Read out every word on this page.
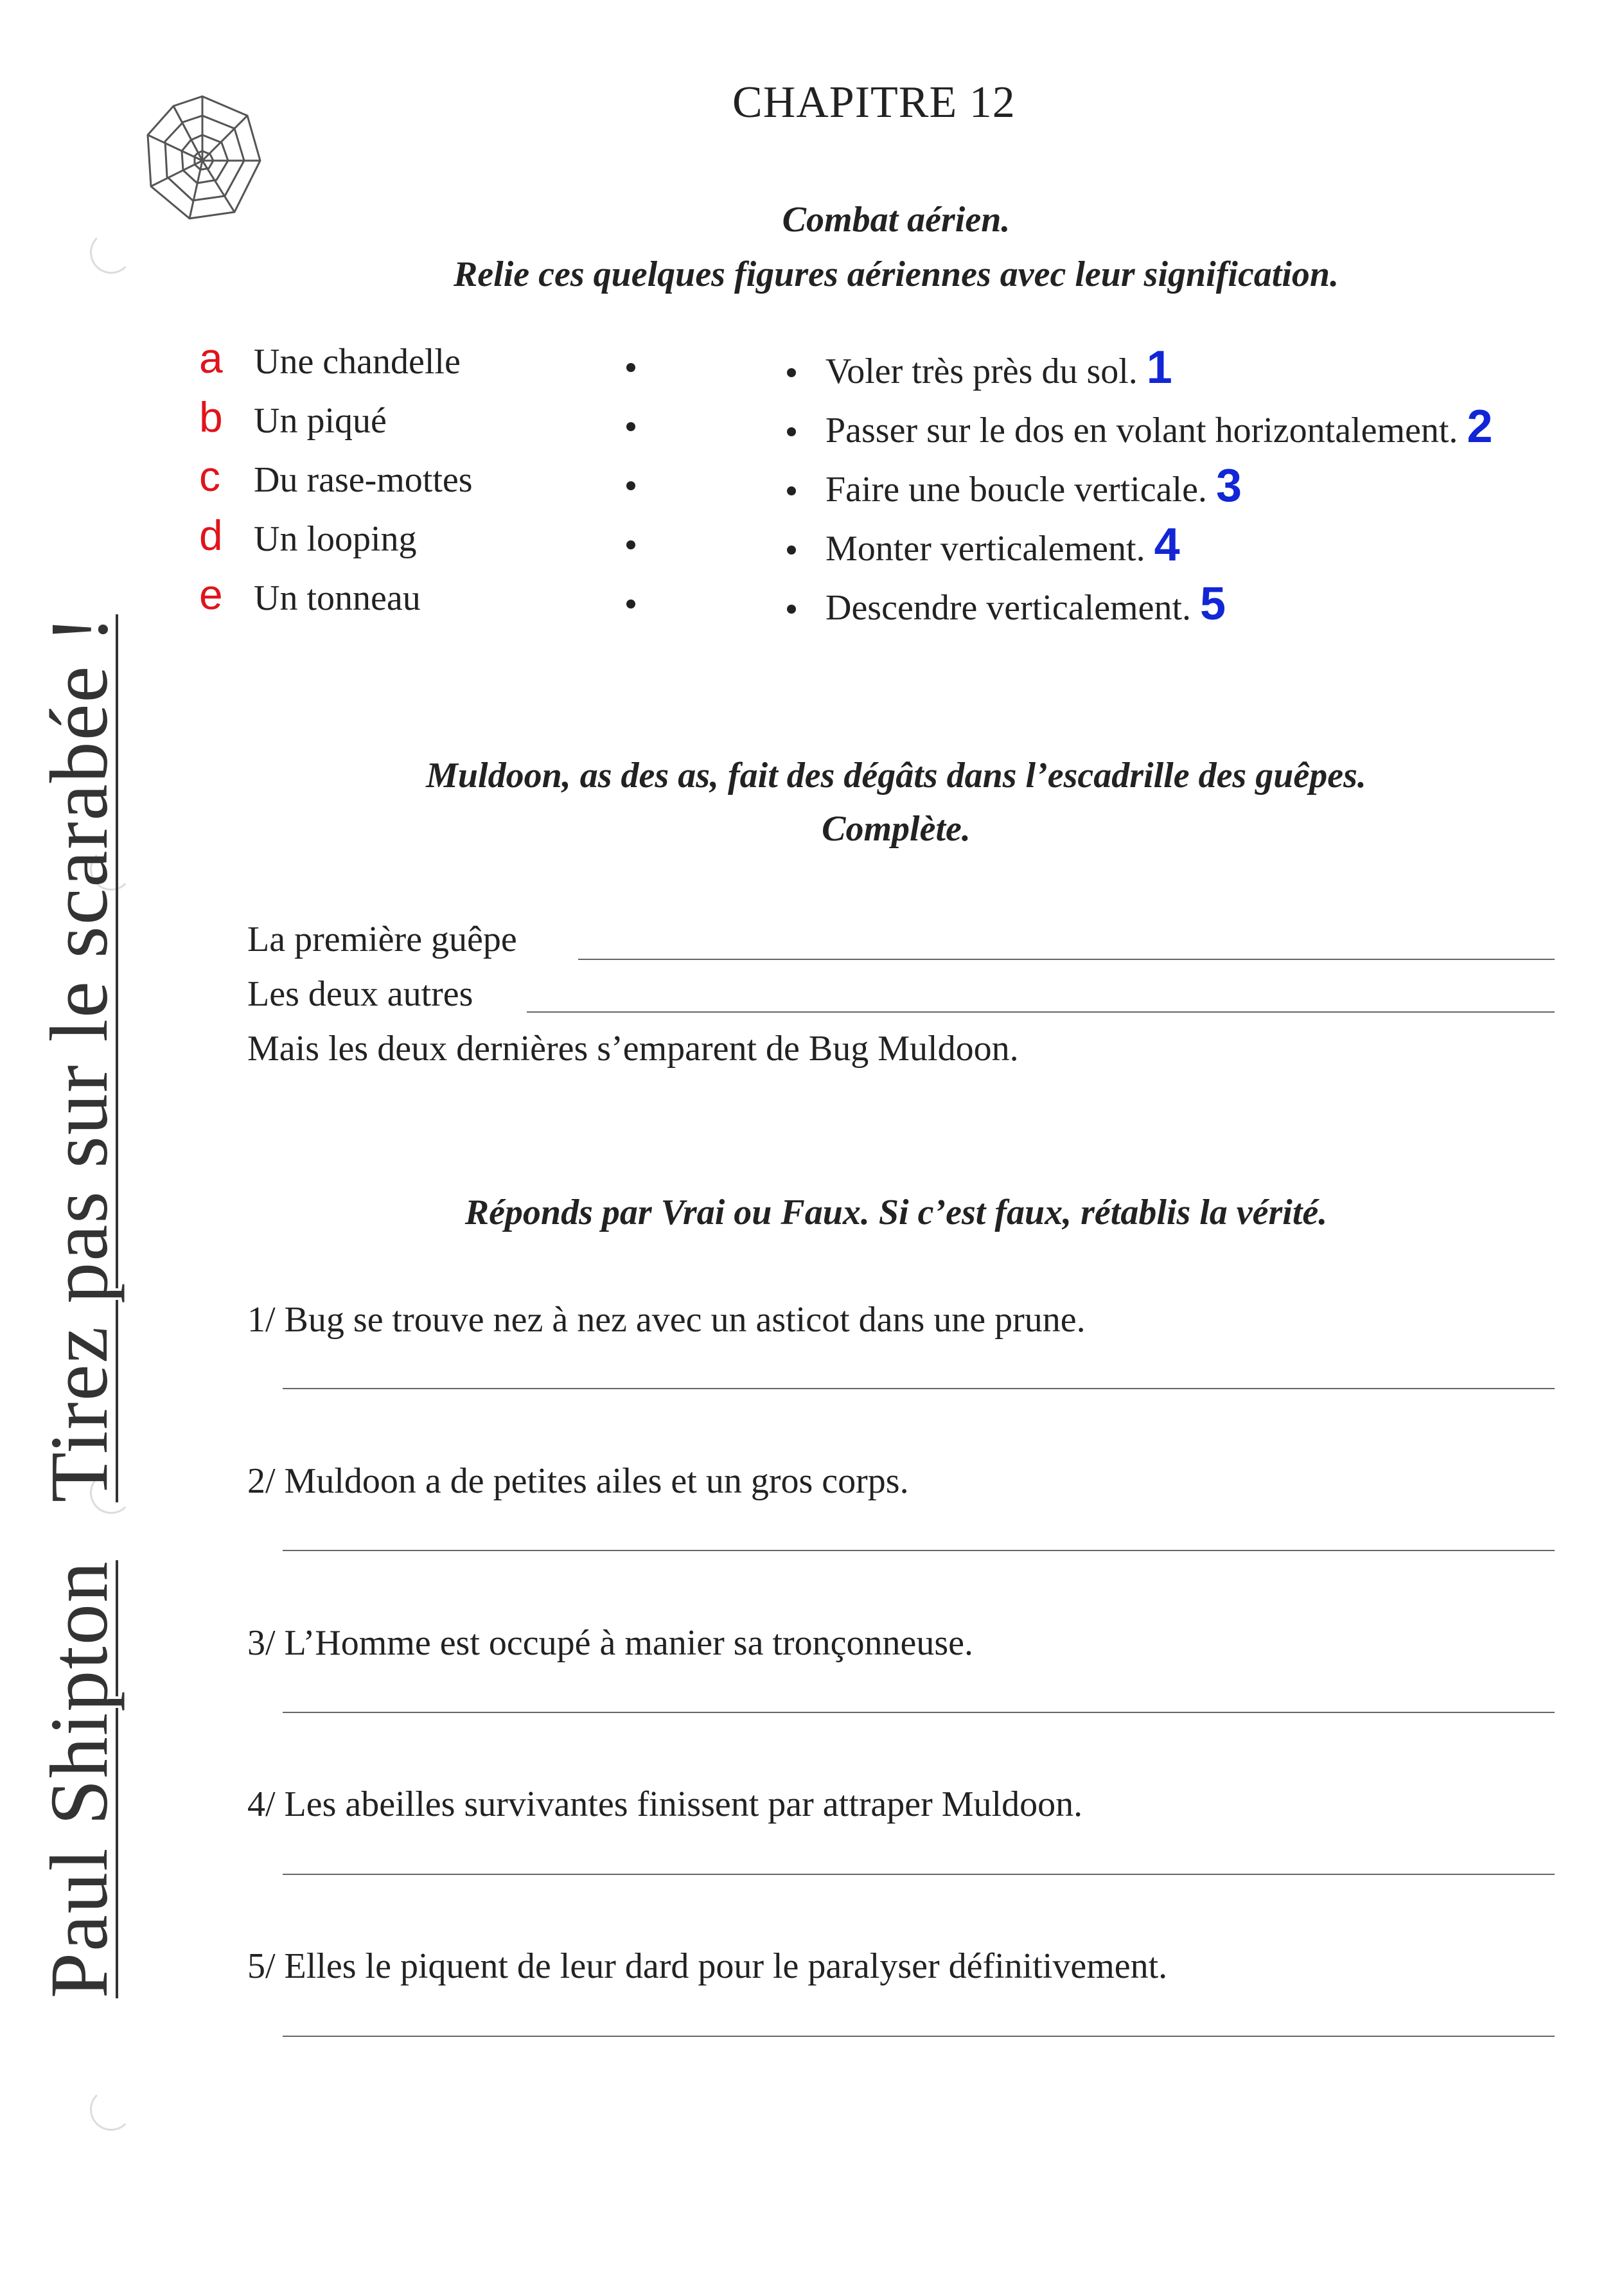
Paul ShiptonTirez pas sur le scarabée !
CHAPITRE 12
Combat aérien.
Relie ces quelques figures aériennes avec leur signification.
a Une chandelle
b Un piqué
c Du rase-mottes
d Un looping
e Un tonneau
Voler très près du sol. 1
Passer sur le dos en volant horizontalement. 2
Faire une boucle verticale. 3
Monter verticalement. 4
Descendre verticalement. 5
Muldoon, as des as, fait des dégâts dans l’escadrille des guêpes.
Complète.
La première guêpe
Les deux autres
Mais les deux dernières s’emparent de Bug Muldoon.
Réponds par Vrai ou Faux. Si c’est faux, rétablis la vérité.
1/ Bug se trouve nez à nez avec un asticot dans une prune.
2/ Muldoon a de petites ailes et un gros corps.
3/ L’Homme est occupé à manier sa tronçonneuse.
4/ Les abeilles survivantes finissent par attraper Muldoon.
5/ Elles le piquent de leur dard pour le paralyser définitivement.
